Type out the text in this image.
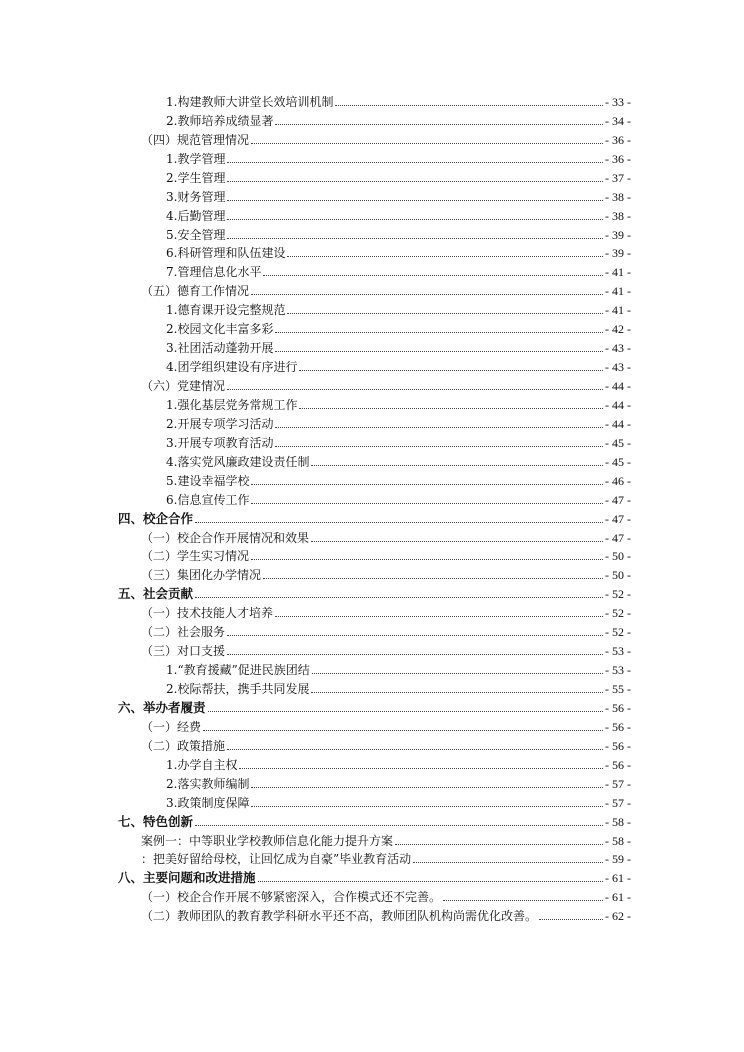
1.构建教师大讲堂长效培训机制	- 33 -
2.教师培养成绩显著	- 34 -
（四）规范管理情况	- 36 -
1.教学管理	- 36 -
2.学生管理	- 37 -
3.财务管理	- 38 -
4.后勤管理	- 38 -
5.安全管理	- 39 -
6.科研管理和队伍建设	- 39 -
7.管理信息化水平	- 41 -
（五）德育工作情况	- 41 -
1.德育课开设完整规范	- 41 -
2.校园文化丰富多彩	- 42 -
3.社团活动蓬勃开展	- 43 -
4.团学组织建设有序进行	- 43 -
（六）党建情况	- 44 -
1.强化基层党务常规工作	- 44 -
2.开展专项学习活动	- 44 -
3.开展专项教育活动	- 45 -
4.落实党风廉政建设责任制	- 45 -
5.建设幸福学校	- 46 -
6.信息宣传工作	- 47 -
四、校企合作	- 47 -
（一）校企合作开展情况和效果	- 47 -
（二）学生实习情况	- 50 -
（三）集团化办学情况	- 50 -
五、社会贡献	- 52 -
（一）技术技能人才培养	- 52 -
（二）社会服务	- 52 -
（三）对口支援	- 53 -
1.“教育援藏”促进民族团结	- 53 -
2.校际帮扶，携手共同发展	- 55 -
六、举办者履责	- 56 -
（一）经费	- 56 -
（二）政策措施	- 56 -
1.办学自主权	- 56 -
2.落实教师编制	- 57 -
3.政策制度保障	- 57 -
七、特色创新	- 58 -
案例一：中等职业学校教师信息化能力提升方案	- 58 -
：把美好留给母校，让回忆成为自豪”毕业教育活动	- 59 -
八、主要问题和改进措施	- 61 -
（一）校企合作开展不够紧密深入，合作模式还不完善。	- 61 -
（二）教师团队的教育教学科研水平还不高，教师团队机构尚需优化改善。	- 62 -
